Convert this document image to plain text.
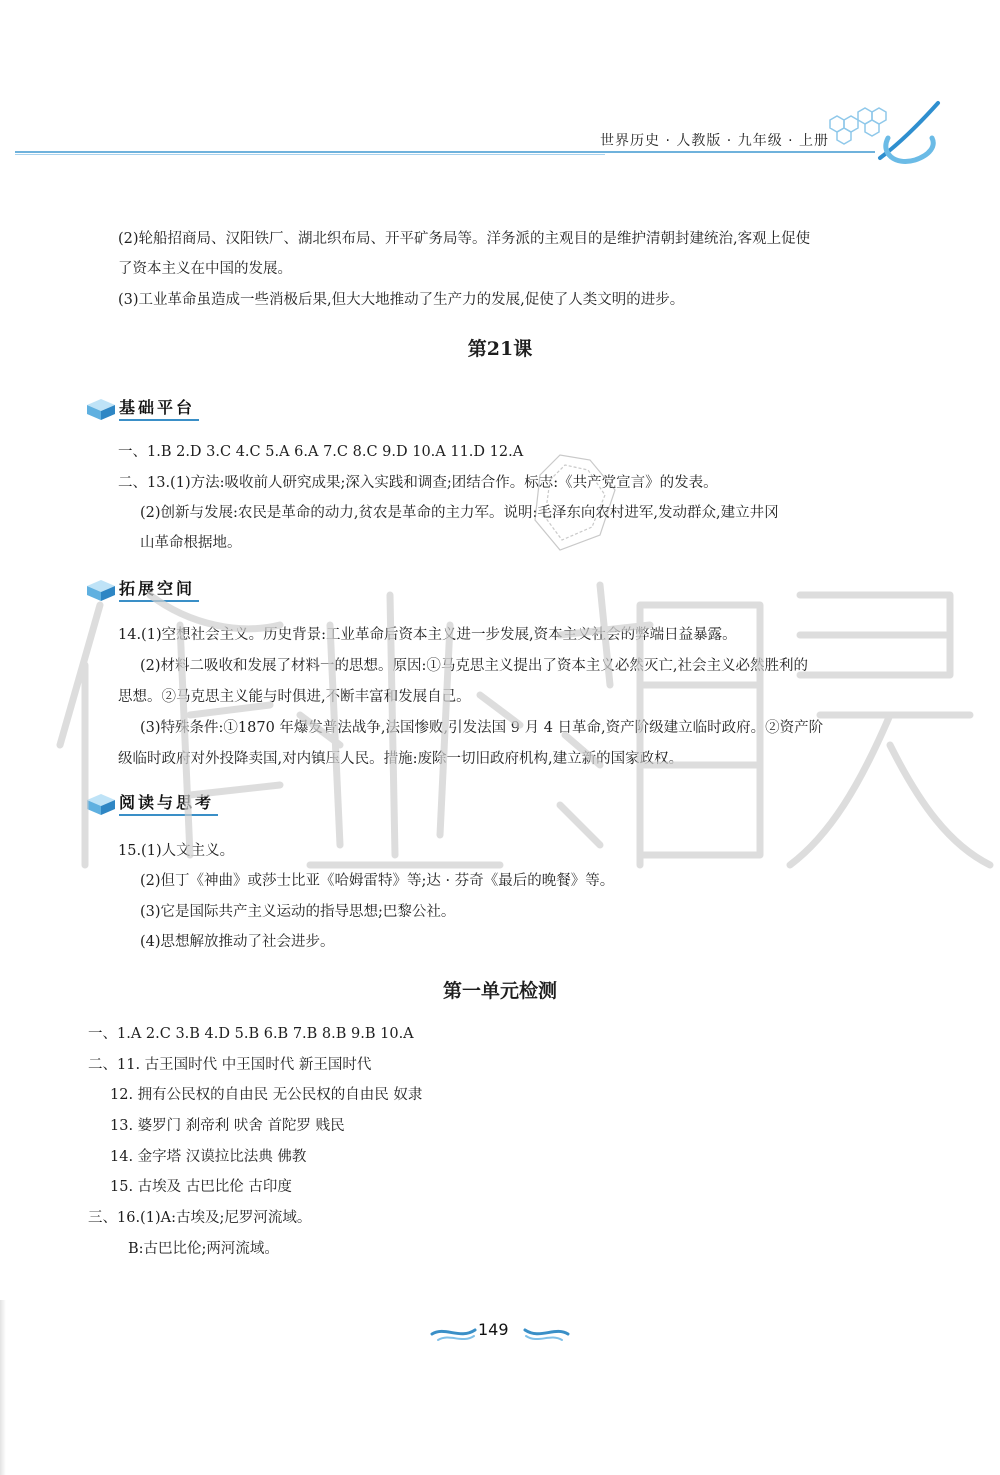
世界历史 · 人教版 · 九年级 · 上册
(2)轮船招商局、汉阳铁厂、湖北织布局、开平矿务局等。洋务派的主观目的是维护清朝封建统治,客观上促使
了资本主义在中国的发展。
(3)工业革命虽造成一些消极后果,但大大地推动了生产力的发展,促使了人类文明的进步。
第21课
基础平台
一、1.B 2.D 3.C 4.C 5.A 6.A 7.C 8.C 9.D 10.A 11.D 12.A
二、13.(1)方法:吸收前人研究成果;深入实践和调查;团结合作。标志:《共产党宣言》的发表。
(2)创新与发展:农民是革命的动力,贫农是革命的主力军。说明:毛泽东向农村进军,发动群众,建立井冈
山革命根据地。
拓展空间
14.(1)空想社会主义。历史背景:工业革命后资本主义进一步发展,资本主义社会的弊端日益暴露。
(2)材料二吸收和发展了材料一的思想。原因:①马克思主义提出了资本主义必然灭亡,社会主义必然胜利的
思想。②马克思主义能与时俱进,不断丰富和发展自己。
(3)特殊条件:①1870 年爆发普法战争,法国惨败,引发法国 9 月 4 日革命,资产阶级建立临时政府。②资产阶
级临时政府对外投降卖国,对内镇压人民。措施:废除一切旧政府机构,建立新的国家政权。
阅读与思考
15.(1)人文主义。
(2)但丁《神曲》或莎士比亚《哈姆雷特》等;达 · 芬奇《最后的晚餐》等。
(3)它是国际共产主义运动的指导思想;巴黎公社。
(4)思想解放推动了社会进步。
第一单元检测
一、1.A 2.C 3.B 4.D 5.B 6.B 7.B 8.B 9.B 10.A
二、11. 古王国时代 中王国时代 新王国时代
12. 拥有公民权的自由民 无公民权的自由民 奴隶
13. 婆罗门 刹帝利 吠舍 首陀罗 贱民
14. 金字塔 汉谟拉比法典 佛教
15. 古埃及 古巴比伦 古印度
三、16.(1)A:古埃及;尼罗河流域。
B:古巴比伦;两河流域。
149
